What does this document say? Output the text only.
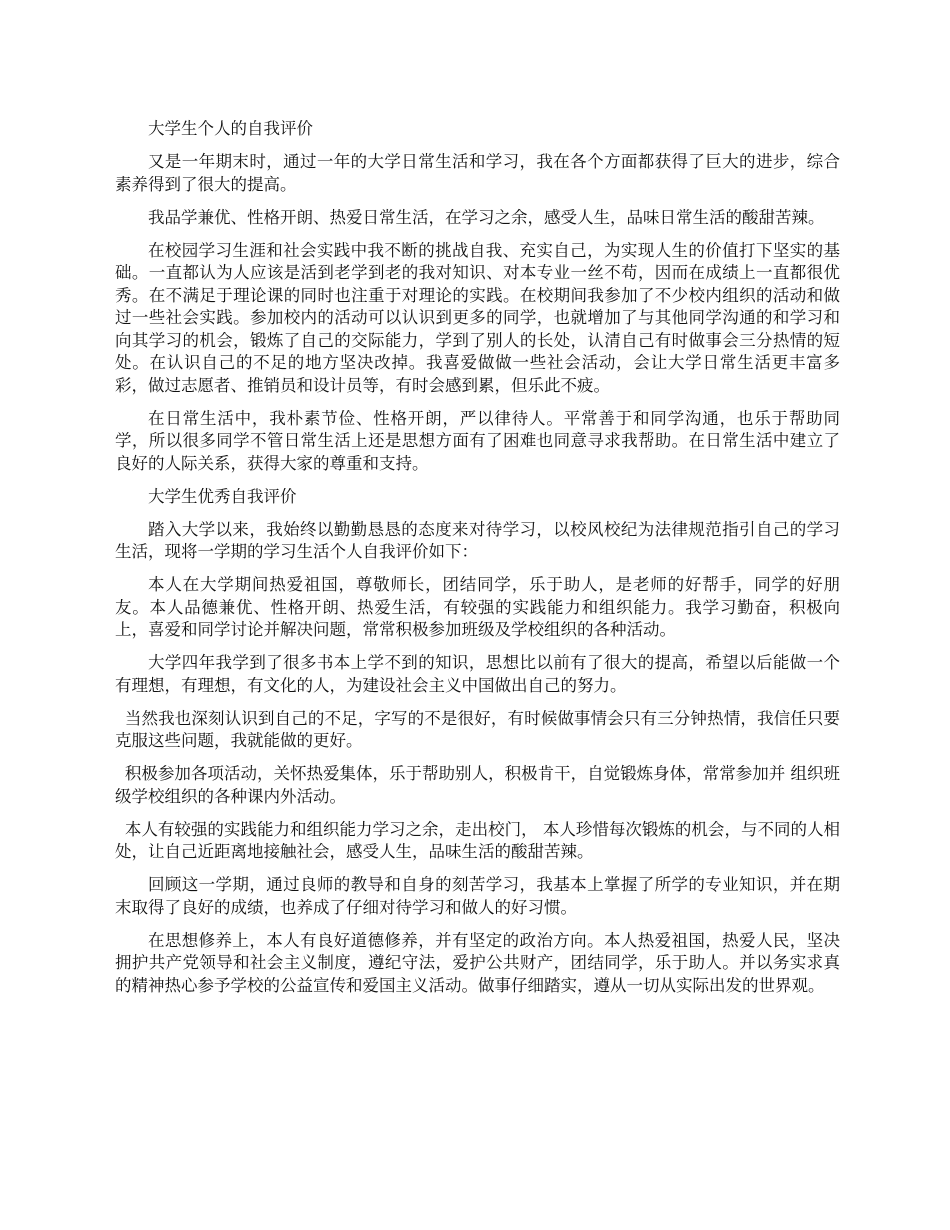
大学生个人的自我评价

又是一年期末时，通过一年的大学日常生活和学习，我在各个方面都获得了巨大的进步，综合素养得到了很大的提高。

我品学兼优、性格开朗、热爱日常生活，在学习之余，感受人生，品味日常生活的酸甜苦辣。

在校园学习生涯和社会实践中我不断的挑战自我、充实自己，为实现人生的价值打下坚实的基础。一直都认为人应该是活到老学到老的我对知识、对本专业一丝不苟，因而在成绩上一直都很优秀。在不满足于理论课的同时也注重于对理论的实践。在校期间我参加了不少校内组织的活动和做过一些社会实践。参加校内的活动可以认识到更多的同学，也就增加了与其他同学沟通的和学习和向其学习的机会，锻炼了自己的交际能力，学到了别人的长处，认清自己有时做事会三分热情的短处。在认识自己的不足的地方坚决改掉。我喜爱做做一些社会活动，会让大学日常生活更丰富多彩，做过志愿者、推销员和设计员等，有时会感到累，但乐此不疲。

在日常生活中，我朴素节俭、性格开朗，严以律待人。平常善于和同学沟通，也乐于帮助同学，所以很多同学不管日常生活上还是思想方面有了困难也同意寻求我帮助。在日常生活中建立了良好的人际关系，获得大家的尊重和支持。

大学生优秀自我评价

踏入大学以来，我始终以勤勤恳恳的态度来对待学习，以校风校纪为法律规范指引自己的学习生活，现将一学期的学习生活个人自我评价如下：

本人在大学期间热爱祖国，尊敬师长，团结同学，乐于助人，是老师的好帮手，同学的好朋友。本人品德兼优、性格开朗、热爱生活，有较强的实践能力和组织能力。我学习勤奋，积极向上，喜爱和同学讨论并解决问题，常常积极参加班级及学校组织的各种活动。

大学四年我学到了很多书本上学不到的知识，思想比以前有了很大的提高，希望以后能做一个有理想，有理想，有文化的人，为建设社会主义中国做出自己的努力。

当然我也深刻认识到自己的不足，字写的不是很好，有时候做事情会只有三分钟热情，我信任只要 克服这些问题，我就能做的更好。

积极参加各项活动，关怀热爱集体，乐于帮助别人，积极肯干，自觉锻炼身体，常常参加并 组织班级学校组织的各种课内外活动。

本人有较强的实践能力和组织能力学习之余，走出校门， 本人珍惜每次锻炼的机会，与不同的人相处，让自己近距离地接触社会，感受人生，品味生活的酸甜苦辣。

回顾这一学期，通过良师的教导和自身的刻苦学习，我基本上掌握了所学的专业知识，并在期末取得了良好的成绩，也养成了仔细对待学习和做人的好习惯。

在思想修养上，本人有良好道德修养，并有坚定的政治方向。本人热爱祖国，热爱人民，坚决拥护共产党领导和社会主义制度，遵纪守法，爱护公共财产，团结同学，乐于助人。并以务实求真的精神热心参予学校的公益宣传和爱国主义活动。做事仔细踏实，遵从一切从实际出发的世界观。
